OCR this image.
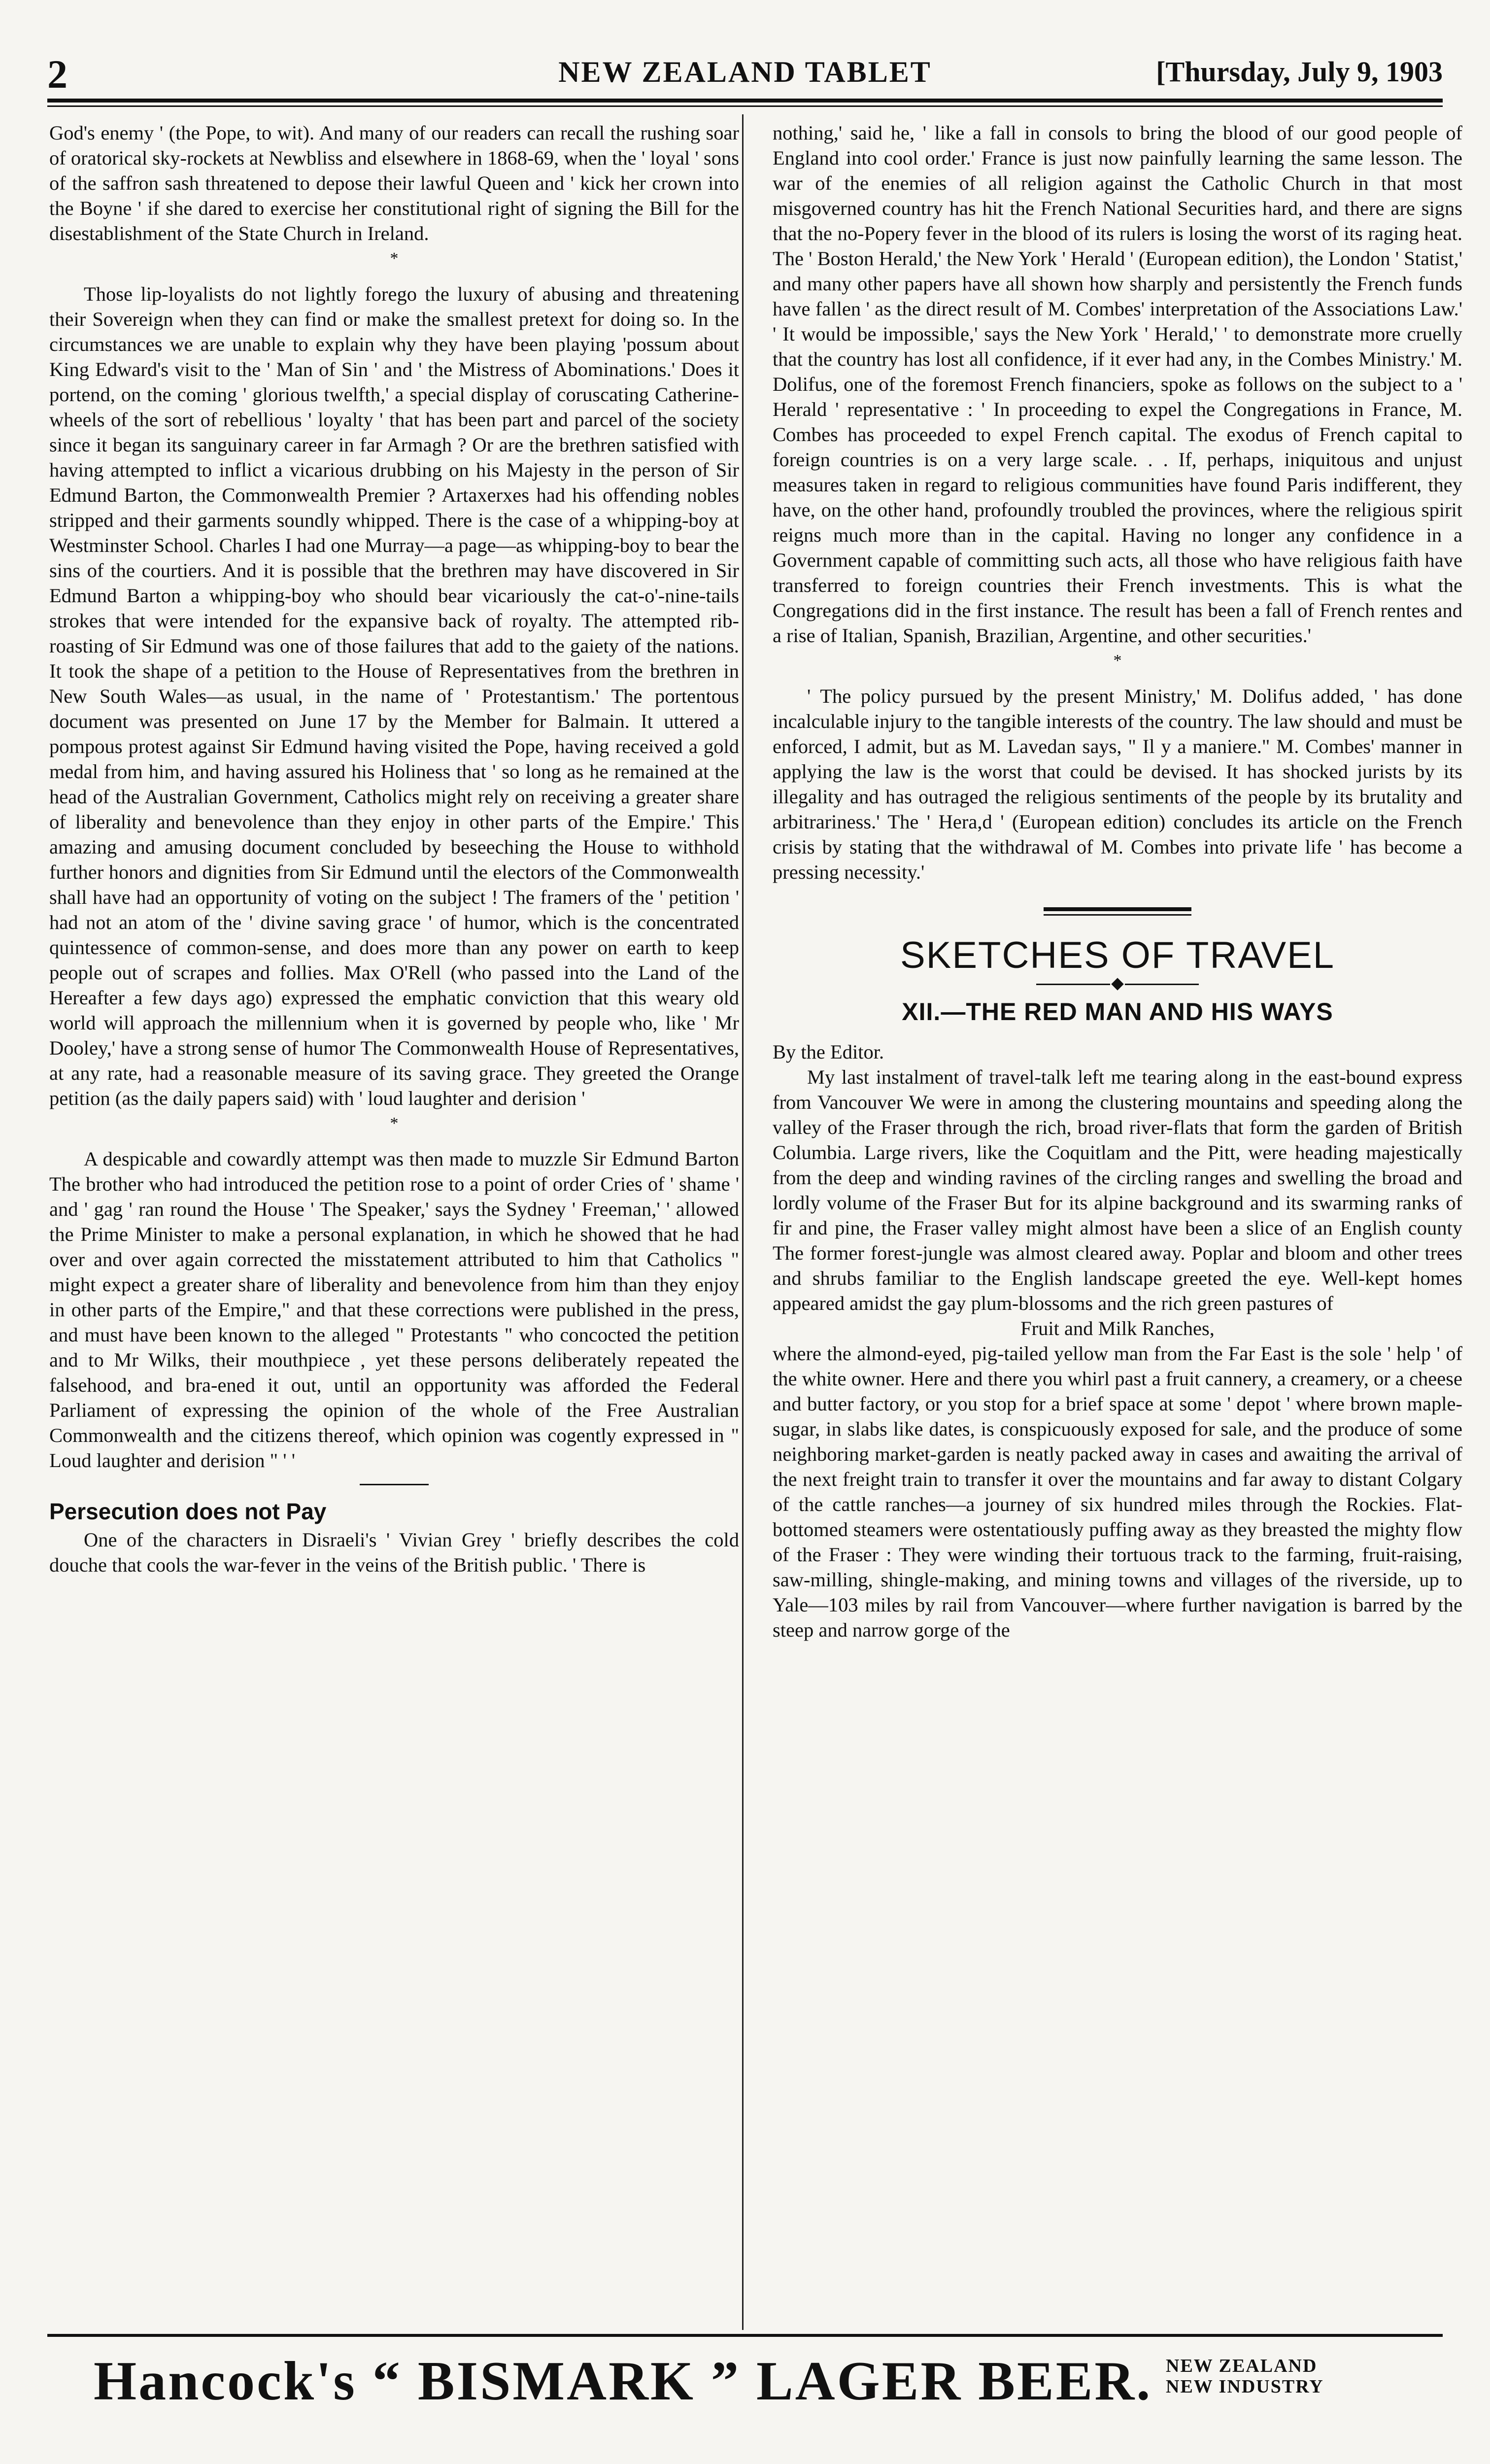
2	NEW ZEALAND TABLET	[Thursday, July 9, 1903

God's enemy ' (the Pope, to wit). And many of our readers can recall the rushing soar of oratorical sky-rockets at Newbliss and elsewhere in 1868-69, when the ' loyal ' sons of the saffron sash threatened to depose their lawful Queen and ' kick her crown into the Boyne ' if she dared to exercise her constitutional right of signing the Bill for the disestablishment of the State Church in Ireland.

*

Those lip-loyalists do not lightly forego the luxury of abusing and threatening their Sovereign when they can find or make the smallest pretext for doing so. In the circumstances we are unable to explain why they have been playing 'possum about King Edward's visit to the ' Man of Sin ' and ' the Mistress of Abominations.' Does it portend, on the coming ' glorious twelfth,' a special display of coruscating Catherine-wheels of the sort of rebellious ' loyalty ' that has been part and parcel of the society since it began its sanguinary career in far Armagh ? Or are the brethren satisfied with having attempted to inflict a vicarious drubbing on his Majesty in the person of Sir Edmund Barton, the Commonwealth Premier ? Artaxerxes had his offending nobles stripped and their garments soundly whipped. There is the case of a whipping-boy at Westminster School. Charles I had one Murray—a page—as whipping-boy to bear the sins of the courtiers. And it is possible that the brethren may have discovered in Sir Edmund Barton a whipping-boy who should bear vicariously the cat-o'-nine-tails strokes that were intended for the expansive back of royalty. The attempted rib-roasting of Sir Edmund was one of those failures that add to the gaiety of the nations. It took the shape of a petition to the House of Representatives from the brethren in New South Wales—as usual, in the name of ' Protestantism.' The portentous document was presented on June 17 by the Member for Balmain. It uttered a pompous protest against Sir Edmund having visited the Pope, having received a gold medal from him, and having assured his Holiness that ' so long as he remained at the head of the Australian Government, Catholics might rely on receiving a greater share of liberality and benevolence than they enjoy in other parts of the Empire.' This amazing and amusing document concluded by beseeching the House to withhold further honors and dignities from Sir Edmund until the electors of the Commonwealth shall have had an opportunity of voting on the subject ! The framers of the ' petition ' had not an atom of the ' divine saving grace ' of humor, which is the concentrated quintessence of common-sense, and does more than any power on earth to keep people out of scrapes and follies. Max O'Rell (who passed into the Land of the Hereafter a few days ago) expressed the emphatic conviction that this weary old world will approach the millennium when it is governed by people who, like ' Mr Dooley,' have a strong sense of humor The Commonwealth House of Representatives, at any rate, had a reasonable measure of its saving grace. They greeted the Orange petition (as the daily papers said) with ' loud laughter and derision '

*

A despicable and cowardly attempt was then made to muzzle Sir Edmund Barton The brother who had introduced the petition rose to a point of order Cries of ' shame ' and ' gag ' ran round the House ' The Speaker,' says the Sydney ' Freeman,' ' allowed the Prime Minister to make a personal explanation, in which he showed that he had over and over again corrected the misstatement attributed to him that Catholics " might expect a greater share of liberality and benevolence from him than they enjoy in other parts of the Empire," and that these corrections were published in the press, and must have been known to the alleged " Protestants " who concocted the petition and to Mr Wilks, their mouthpiece , yet these persons deliberately repeated the falsehood, and bra-ened it out, until an opportunity was afforded the Federal Parliament of expressing the opinion of the whole of the Free Australian Commonwealth and the citizens thereof, which opinion was cogently expressed in " Loud laughter and derision " ' '

Persecution does not Pay

One of the characters in Disraeli's ' Vivian Grey ' briefly describes the cold douche that cools the war-fever in the veins of the British public. ' There is

nothing,' said he, ' like a fall in consols to bring the blood of our good people of England into cool order.' France is just now painfully learning the same lesson. The war of the enemies of all religion against the Catholic Church in that most misgoverned country has hit the French National Securities hard, and there are signs that the no-Popery fever in the blood of its rulers is losing the worst of its raging heat. The ' Boston Herald,' the New York ' Herald ' (European edition), the London ' Statist,' and many other papers have all shown how sharply and persistently the French funds have fallen ' as the direct result of M. Combes' interpretation of the Associations Law.' ' It would be impossible,' says the New York ' Herald,' ' to demonstrate more cruelly that the country has lost all confidence, if it ever had any, in the Combes Ministry.' M. Dolifus, one of the foremost French financiers, spoke as follows on the subject to a ' Herald ' representative : ' In proceeding to expel the Congregations in France, M. Combes has proceeded to expel French capital. The exodus of French capital to foreign countries is on a very large scale. . . If, perhaps, iniquitous and unjust measures taken in regard to religious communities have found Paris indifferent, they have, on the other hand, profoundly troubled the provinces, where the religious spirit reigns much more than in the capital. Having no longer any confidence in a Government capable of committing such acts, all those who have religious faith have transferred to foreign countries their French investments. This is what the Congregations did in the first instance. The result has been a fall of French rentes and a rise of Italian, Spanish, Brazilian, Argentine, and other securities.'

*

' The policy pursued by the present Ministry,' M. Dolifus added, ' has done incalculable injury to the tangible interests of the country. The law should and must be enforced, I admit, but as M. Lavedan says, " Il y a maniere." M. Combes' manner in applying the law is the worst that could be devised. It has shocked jurists by its illegality and has outraged the religious sentiments of the people by its brutality and arbitrariness.' The ' Hera,d ' (European edition) concludes its article on the French crisis by stating that the withdrawal of M. Combes into private life ' has become a pressing necessity.'

SKETCHES OF TRAVEL
XII.—THE RED MAN AND HIS WAYS

By the Editor.

My last instalment of travel-talk left me tearing along in the east-bound express from Vancouver We were in among the clustering mountains and speeding along the valley of the Fraser through the rich, broad river-flats that form the garden of British Columbia. Large rivers, like the Coquitlam and the Pitt, were heading majestically from the deep and winding ravines of the circling ranges and swelling the broad and lordly volume of the Fraser But for its alpine background and its swarming ranks of fir and pine, the Fraser valley might almost have been a slice of an English county The former forest-jungle was almost cleared away. Poplar and bloom and other trees and shrubs familiar to the English landscape greeted the eye. Well-kept homes appeared amidst the gay plum-blossoms and the rich green pastures of

Fruit and Milk Ranches,

where the almond-eyed, pig-tailed yellow man from the Far East is the sole ' help ' of the white owner. Here and there you whirl past a fruit cannery, a creamery, or a cheese and butter factory, or you stop for a brief space at some ' depot ' where brown maple-sugar, in slabs like dates, is conspicuously exposed for sale, and the produce of some neighboring market-garden is neatly packed away in cases and awaiting the arrival of the next freight train to transfer it over the mountains and far away to distant Colgary of the cattle ranches—a journey of six hundred miles through the Rockies. Flat-bottomed steamers were ostentatiously puffing away as they breasted the mighty flow of the Fraser : They were winding their tortuous track to the farming, fruit-raising, saw-milling, shingle-making, and mining towns and villages of the riverside, up to Yale—103 miles by rail from Vancouver—where further navigation is barred by the steep and narrow gorge of the

Hancock's “ BISMARK ” LAGER BEER. NEW ZEALAND
NEW INDUSTRY
